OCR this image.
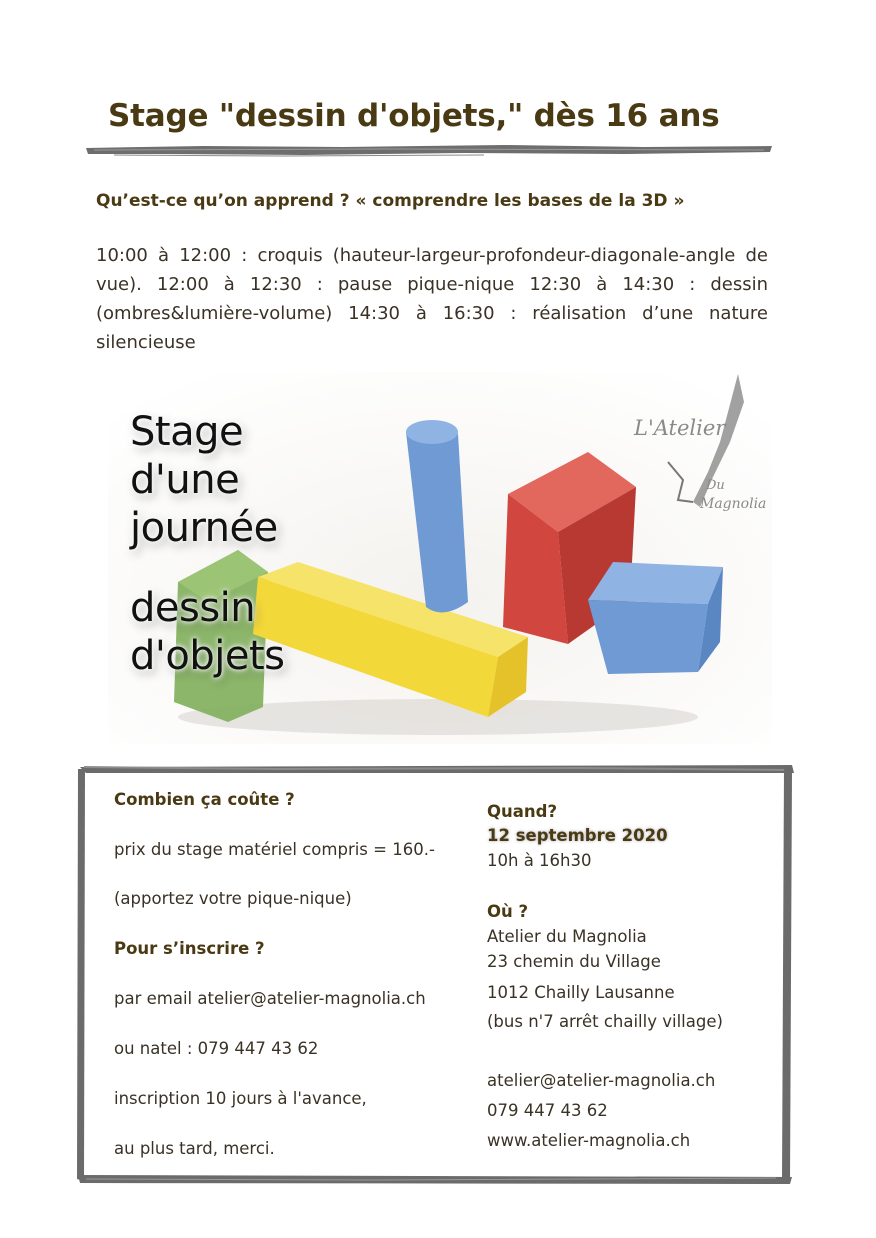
Stage "dessin d'objets," dès 16 ans
Qu’est-ce qu’on apprend ? « comprendre les bases de la 3D »
10:00 à 12:00 : croquis (hauteur-largeur-profondeur-diagonale-angle de vue). 12:00 à 12:30 : pause pique-nique 12:30 à 14:30 : dessin (ombres&lumière-volume) 14:30 à 16:30 : réalisation d’une nature silencieuse
Stage
d'une
journée
dessin
d'objets
L'Atelier
Du
Magnolia
Combien ça coûte ?
prix du stage matériel compris = 160.-
(apportez votre pique-nique)
Pour s’inscrire ?
par email atelier@atelier-magnolia.ch
ou natel : 079 447 43 62
inscription 10 jours à l'avance,
au plus tard, merci.
Quand?
12 septembre 2020
10h à 16h30
Où ?
Atelier du Magnolia
23 chemin du Village
1012 Chailly Lausanne
(bus n'7 arrêt chailly village)
atelier@atelier-magnolia.ch
079 447 43 62
www.atelier-magnolia.ch
